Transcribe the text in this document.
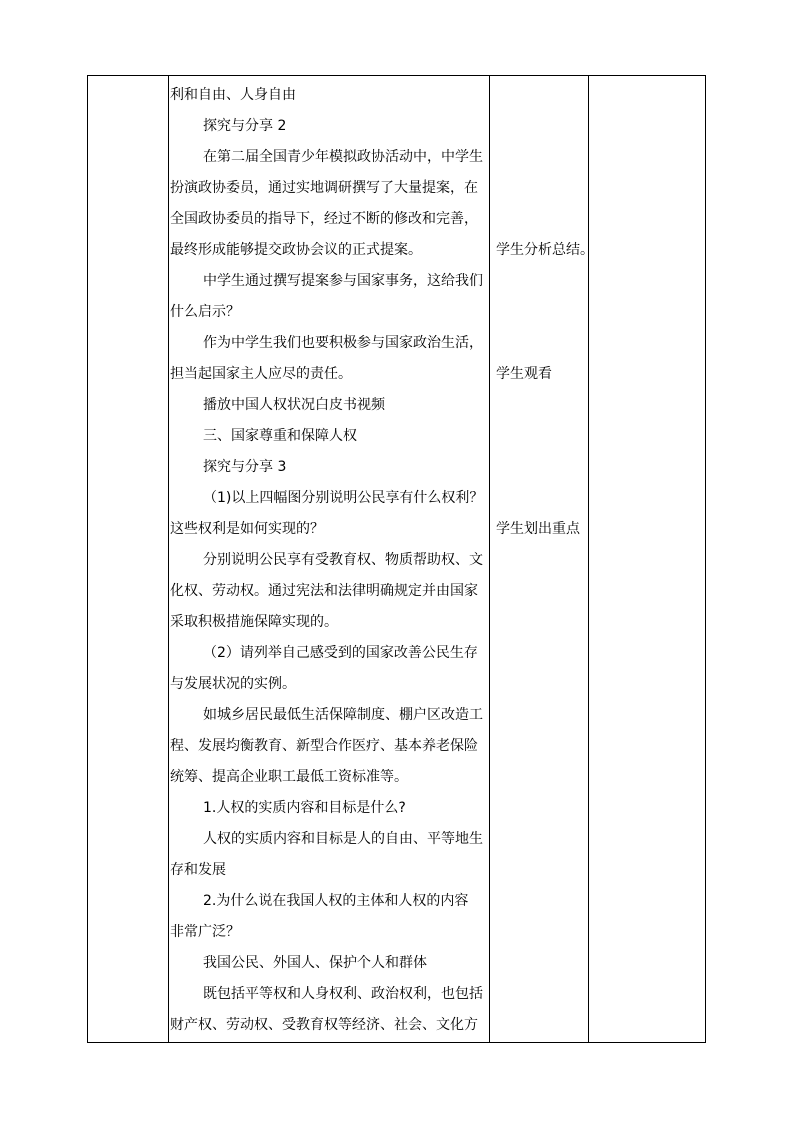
利和自由、人身自由

探究与分享 2

在第二届全国青少年模拟政协活动中，中学生

扮演政协委员，通过实地调研撰写了大量提案，在

全国政协委员的指导下，经过不断的修改和完善，

最终形成能够提交政协会议的正式提案。

中学生通过撰写提案参与国家事务，这给我们

什么启示？

作为中学生我们也要积极参与国家政治生活，

担当起国家主人应尽的责任。

播放中国人权状况白皮书视频

三、国家尊重和保障人权

探究与分享 3

（1)以上四幅图分别说明公民享有什么权利？

这些权利是如何实现的？

分别说明公民享有受教育权、物质帮助权、文

化权、劳动权。通过宪法和法律明确规定并由国家

采取积极措施保障实现的。

（2）请列举自己感受到的国家改善公民生存

与发展状况的实例。

如城乡居民最低生活保障制度、棚户区改造工

程、发展均衡教育、新型合作医疗、基本养老保险

统筹、提高企业职工最低工资标准等。

1.人权的实质内容和目标是什么?

人权的实质内容和目标是人的自由、平等地生

存和发展

2.为什么说在我国人权的主体和人权的内容

非常广泛？

我国公民、外国人、保护个人和群体

既包括平等权和人身权利、政治权利，也包括

财产权、劳动权、受教育权等经济、社会、文化方

学生分析总结。
学生观看
学生划出重点
